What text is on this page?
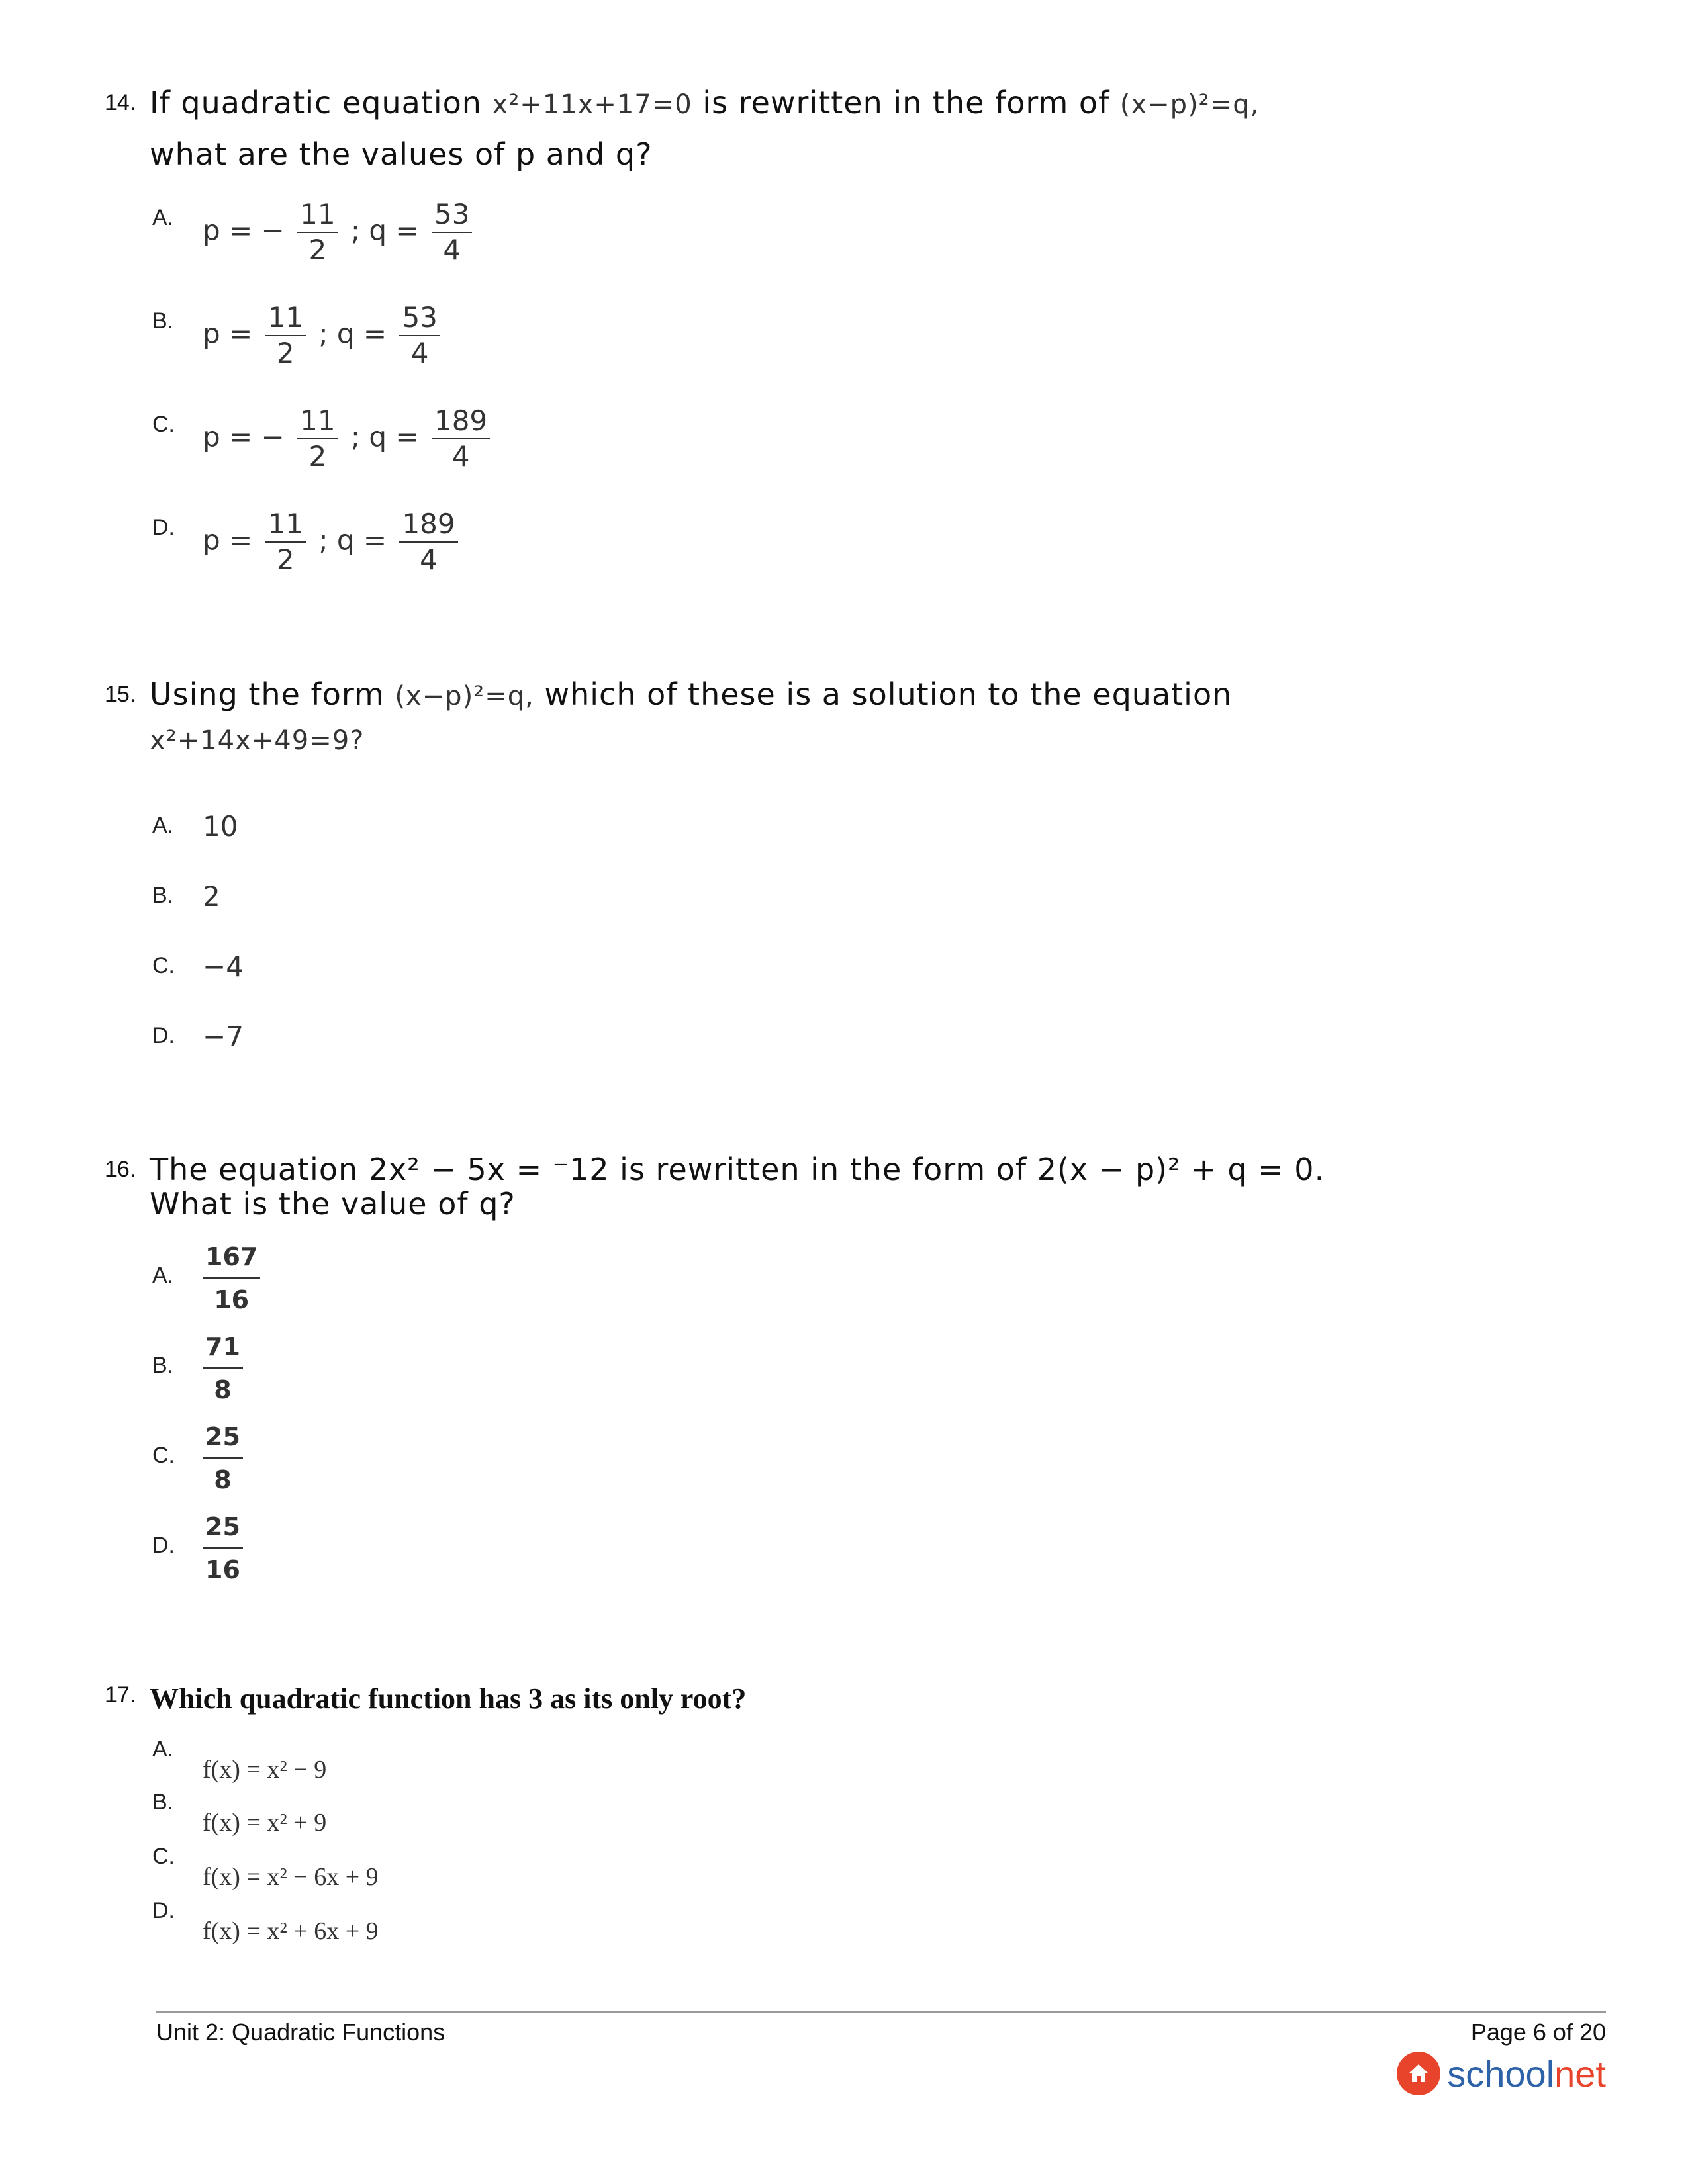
14. If quadratic equation x²+11x+17=0 is rewritten in the form of (x−p)²=q,
what are the values of p and q?
A. p = − $\frac{11}{2}$ ; $q = \frac{53}{4}$
B. $p = \frac{11}{2}$ ; $q = \frac{53}{4}$
C. p = − $\frac{11}{2}$ ; $q = \frac{189}{4}$
D. $p = \frac{11}{2}$ ; $q = \frac{189}{4}$
15. Using the form (x−p)²=q, which of these is a solution to the equation
x²+14x+49=9?
A. 10
B. 2
C. −4
D. −7
16. The equation 2x² − 5x = ⁻12 is rewritten in the form of 2(x − p)² + q = 0.
What is the value of q?
A. $\frac{167}{16}$
B. $\frac{71}{8}$
C. $\frac{25}{8}$
D. $\frac{25}{16}$
17. Which quadratic function has 3 as its only root?
A.
f(x) = x² − 9
B.
f(x) = x² + 9
C.
f(x) = x² − 6x + 9
D.
f(x) = x² + 6x + 9
Unit 2: Quadratic Functions	Page 6 of 20
schoolnet
